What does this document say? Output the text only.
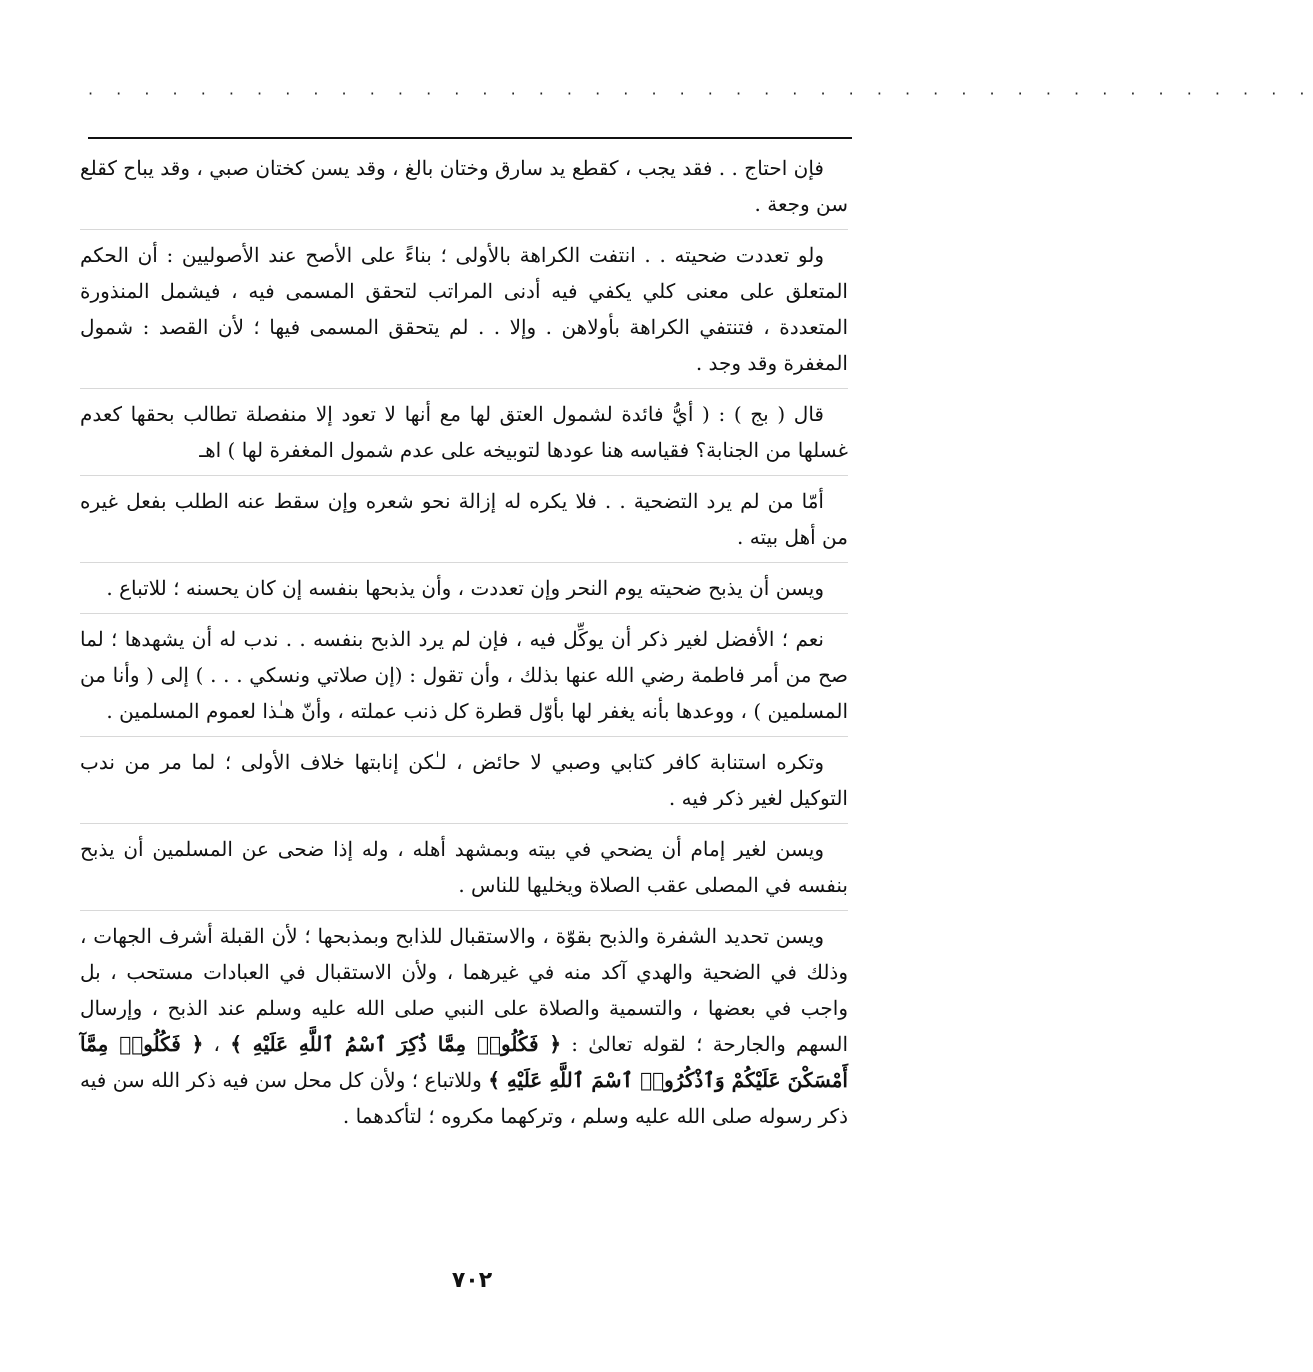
· · · · · · · · · · · · · · · · · · · · · · · · · · · · · · · · · · · · · · · · · · · ·

فإن احتاج . . فقد يجب ، كقطع يد سارق وختان بالغ ، وقد يسن كختان صبي ، وقد يباح كقلع سن وجعة .

ولو تعددت ضحيته . . انتفت الكراهة بالأولى ؛ بناءً على الأصح عند الأصوليين : أن الحكم المتعلق على معنى كلي يكفي فيه أدنى المراتب لتحقق المسمى فيه ، فيشمل المنذورة المتعددة ، فتنتفي الكراهة بأولاهن . وإلا . . لم يتحقق المسمى فيها ؛ لأن القصد : شمول المغفرة وقد وجد .

قال ( بج ) : ( أيُّ فائدة لشمول العتق لها مع أنها لا تعود إلا منفصلة تطالب بحقها كعدم غسلها من الجنابة؟ فقياسه هنا عودها لتوبيخه على عدم شمول المغفرة لها ) اهـ

أمّا من لم يرد التضحية . . فلا يكره له إزالة نحو شعره وإن سقط عنه الطلب بفعل غيره من أهل بيته .

ويسن أن يذبح ضحيته يوم النحر وإن تعددت ، وأن يذبحها بنفسه إن كان يحسنه ؛ للاتباع .

نعم ؛ الأفضل لغير ذكر أن يوكِّل فيه ، فإن لم يرد الذبح بنفسه . . ندب له أن يشهدها ؛ لما صح من أمر فاطمة رضي الله عنها بذلك ، وأن تقول : (إن صلاتي ونسكي . . . ) إلى ( وأنا من المسلمين ) ، ووعدها بأنه يغفر لها بأوّل قطرة كل ذنب عملته ، وأنّ هـٰذا لعموم المسلمين .

وتكره استنابة كافر كتابي وصبي لا حائض ، لـٰكن إنابتها خلاف الأولى ؛ لما مر من ندب التوكيل لغير ذكر فيه .

ويسن لغير إمام أن يضحي في بيته وبمشهد أهله ، وله إذا ضحى عن المسلمين أن يذبح بنفسه في المصلى عقب الصلاة ويخليها للناس .

ويسن تحديد الشفرة والذبح بقوّة ، والاستقبال للذابح وبمذبحها ؛ لأن القبلة أشرف الجهات ، وذلك في الضحية والهدي آكد منه في غيرهما ، ولأن الاستقبال في العبادات مستحب ، بل واجب في بعضها ، والتسمية والصلاة على النبي صلى الله عليه وسلم عند الذبح ، وإرسال السهم والجارحة ؛ لقوله تعالىٰ : ﴿ فَكُلُوا۟ مِمَّا ذُكِرَ ٱسْمُ ٱللَّهِ عَلَيْهِ ﴾ ، ﴿ فَكُلُوا۟ مِمَّآ أَمْسَكْنَ عَلَيْكُمْ وَٱذْكُرُوا۟ ٱسْمَ ٱللَّهِ عَلَيْهِ ﴾ وللاتباع ؛ ولأن كل محل سن فيه ذكر الله سن فيه ذكر رسوله صلى الله عليه وسلم ، وتركهما مكروه ؛ لتأكدهما .

٧٠٢
